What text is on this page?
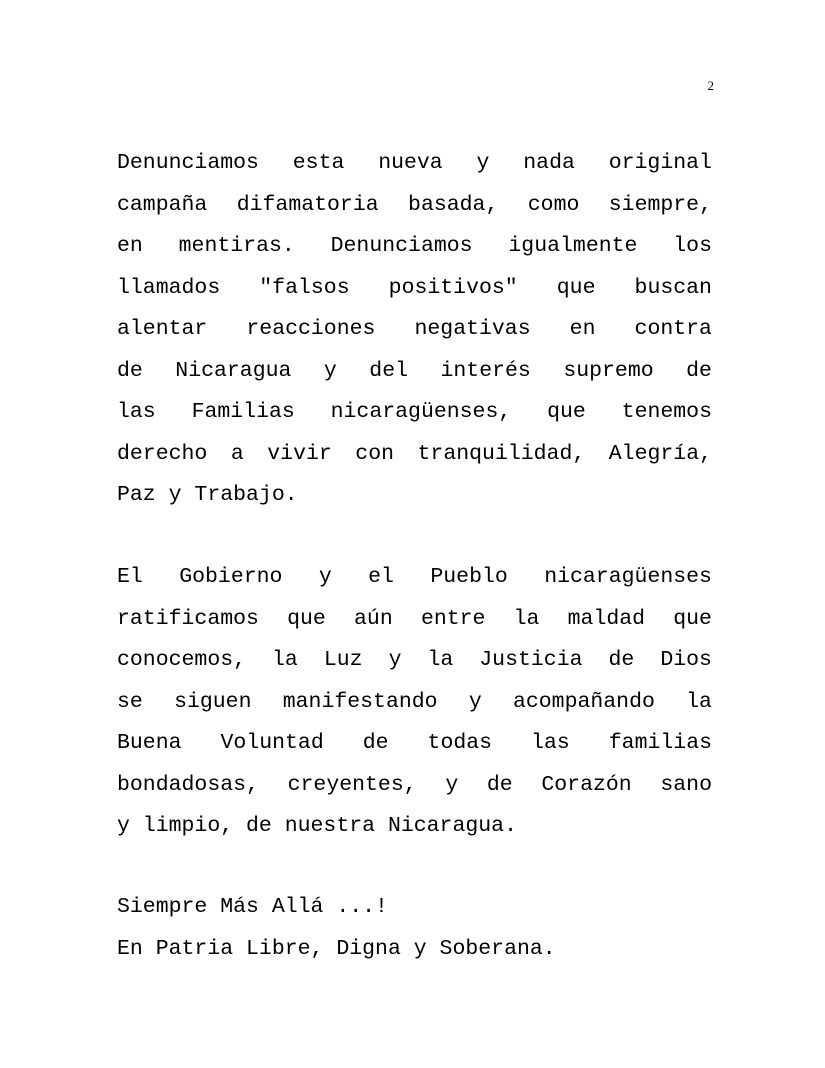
2
Denunciamos esta nueva y nada original
campaña difamatoria basada, como siempre,
en mentiras. Denunciamos igualmente los
llamados "falsos positivos" que buscan
alentar reacciones negativas en contra
de Nicaragua y del interés supremo de
las Familias nicaragüenses, que tenemos
derecho a vivir con tranquilidad, Alegría,
Paz y Trabajo.
El Gobierno y el Pueblo nicaragüenses
ratificamos que aún entre la maldad que
conocemos, la Luz y la Justicia de Dios
se siguen manifestando y acompañando la
Buena Voluntad de todas las familias
bondadosas, creyentes, y de Corazón sano
y limpio, de nuestra Nicaragua.
Siempre Más Allá ...!
En Patria Libre, Digna y Soberana.
